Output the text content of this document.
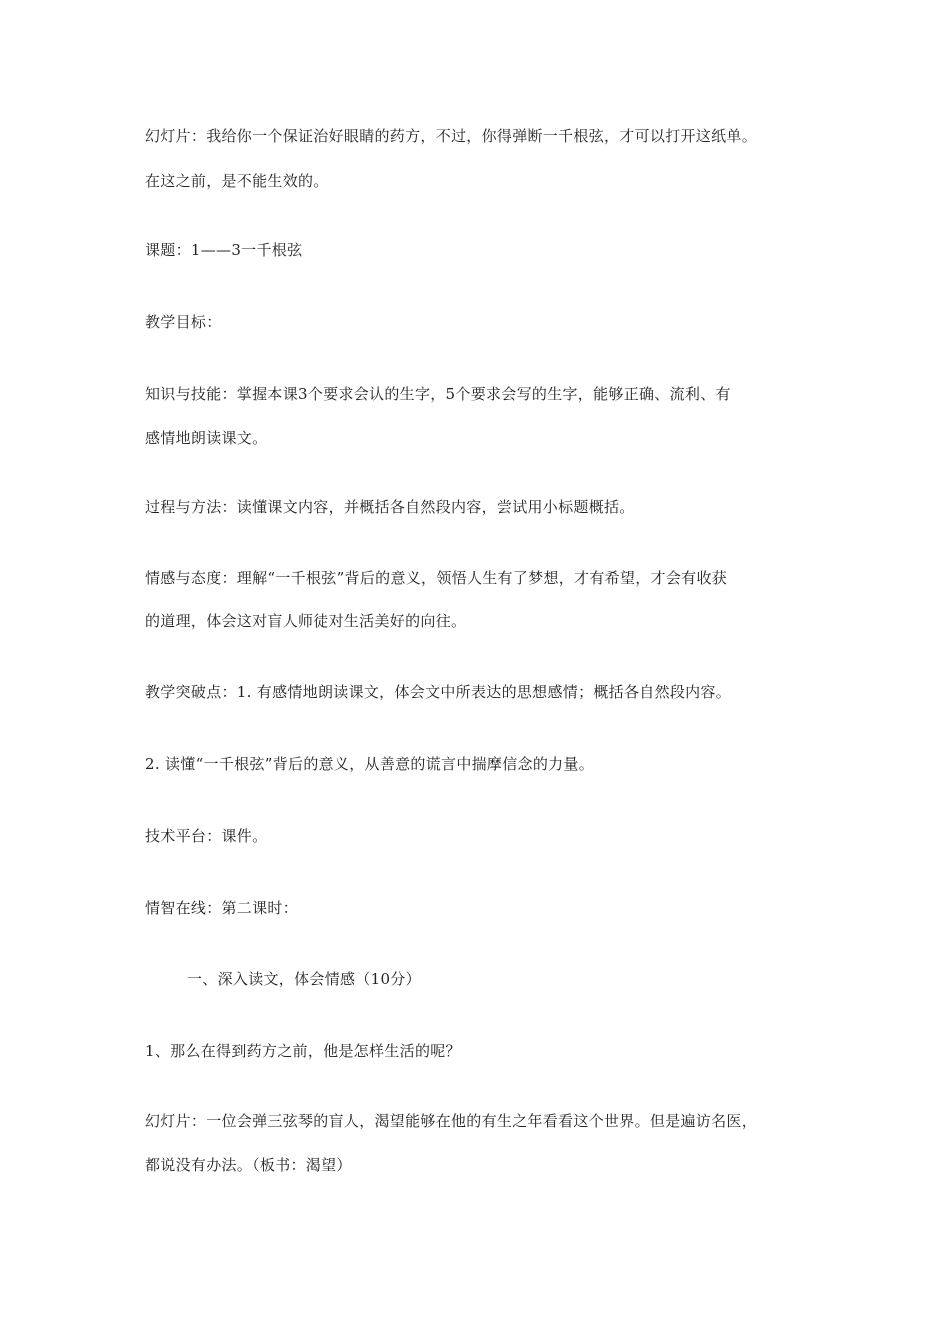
幻灯片：我给你一个保证治好眼睛的药方，不过，你得弹断一千根弦，才可以打开这纸单。
在这之前，是不能生效的。
课题：1——3一千根弦
教学目标：
知识与技能：掌握本课3个要求会认的生字，5个要求会写的生字，能够正确、流利、有
感情地朗读课文。
过程与方法：读懂课文内容，并概括各自然段内容，尝试用小标题概括。
情感与态度：理解“一千根弦”背后的意义，领悟人生有了梦想，才有希望，才会有收获
的道理，体会这对盲人师徒对生活美好的向往。
教学突破点：1. 有感情地朗读课文，体会文中所表达的思想感情；概括各自然段内容。
2. 读懂“一千根弦”背后的意义，从善意的谎言中揣摩信念的力量。
技术平台：课件。
情智在线：第二课时：
一、深入读文，体会情感（10分）
1、那么在得到药方之前，他是怎样生活的呢？
幻灯片：一位会弹三弦琴的盲人，渴望能够在他的有生之年看看这个世界。但是遍访名医，
都说没有办法。（板书：渴望）
